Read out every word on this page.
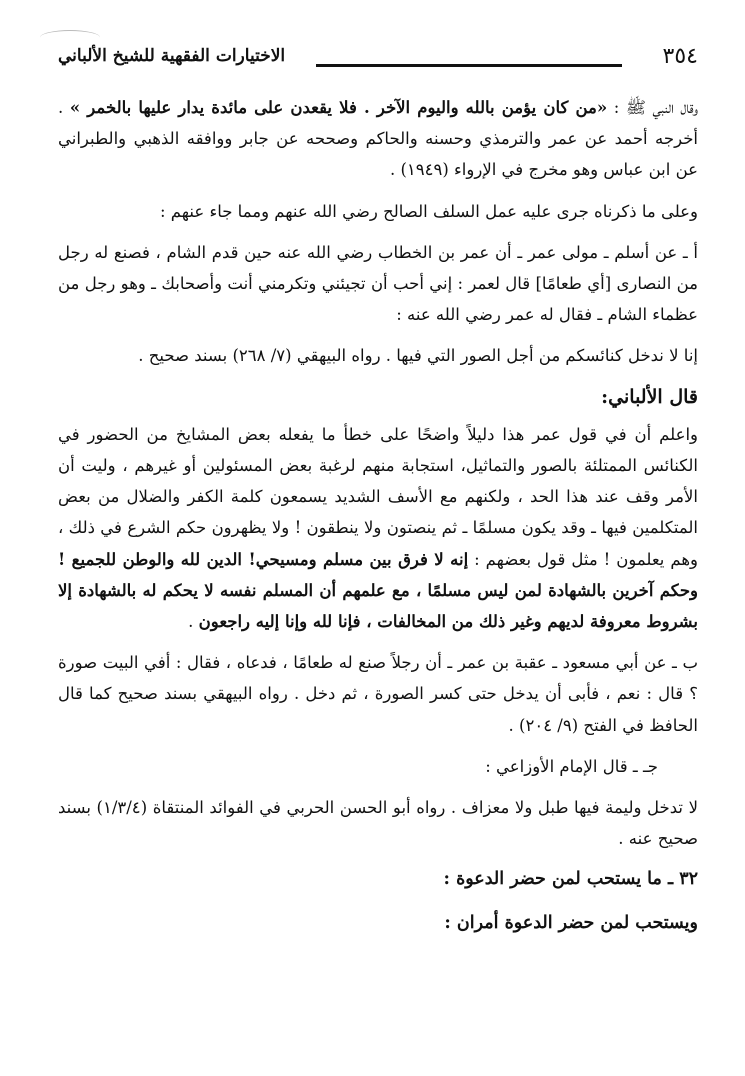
٣٥٤
الاختيارات الفقهية للشيخ الألباني

وقال النبي ﷺ : «من كان يؤمن بالله واليوم الآخر . فلا يقعدن على مائدة يدار عليها بالخمر » . أخرجه أحمد عن عمر والترمذي وحسنه والحاكم وصححه عن جابر ووافقه الذهبي والطبراني عن ابن عباس وهو مخرج في الإرواء (١٩٤٩) .

وعلى ما ذكرناه جرى عليه عمل السلف الصالح رضي الله عنهم ومما جاء عنهم :

أ ـ عن أسلم ـ مولى عمر ـ أن عمر بن الخطاب رضي الله عنه حين قدم الشام ، فصنع له رجل من النصارى [أي طعامًا] قال لعمر : إني أحب أن تجيئني وتكرمني أنت وأصحابك ـ وهو رجل من عظماء الشام ـ فقال له عمر رضي الله عنه :

إنا لا ندخل كنائسكم من أجل الصور التي فيها . رواه البيهقي (٧/ ٢٦٨) بسند صحيح .

قال الألباني:

واعلم أن في قول عمر هذا دليلاً واضحًا على خطأ ما يفعله بعض المشايخ من الحضور في الكنائس الممتلئة بالصور والتماثيل، استجابة منهم لرغبة بعض المسئولين أو غيرهم ، وليت أن الأمر وقف عند هذا الحد ، ولكنهم مع الأسف الشديد يسمعون كلمة الكفر والضلال من بعض المتكلمين فيها ـ وقد يكون مسلمًا ـ ثم ينصتون ولا ينطقون ! ولا يظهرون حكم الشرع في ذلك ، وهم يعلمون ! مثل قول بعضهم : إنه لا فرق بين مسلم ومسيحي! الدين لله والوطن للجميع ! وحكم آخرين بالشهادة لمن ليس مسلمًا ، مع علمهم أن المسلم نفسه لا يحكم له بالشهادة إلا بشروط معروفة لديهم وغير ذلك من المخالفات ، فإنا لله وإنا إليه راجعون .

ب ـ عن أبي مسعود ـ عقبة بن عمر ـ أن رجلاً صنع له طعامًا ، فدعاه ، فقال : أفي البيت صورة ؟ قال : نعم ، فأبى أن يدخل حتى كسر الصورة ، ثم دخل . رواه البيهقي بسند صحيح كما قال الحافظ في الفتح (٩/ ٢٠٤) .

جـ ـ قال الإمام الأوزاعي :

لا تدخل وليمة فيها طبل ولا معزاف . رواه أبو الحسن الحربي في الفوائد المنتقاة (١/٣/٤) بسند صحيح عنه .

٣٢ ـ ما يستحب لمن حضر الدعوة :
ويستحب لمن حضر الدعوة أمران :
